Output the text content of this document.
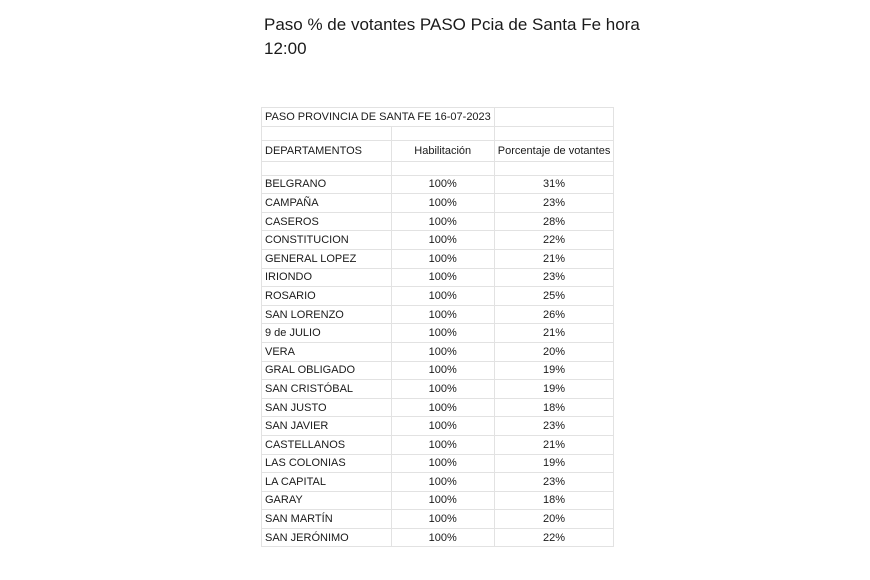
Paso % de votantes PASO Pcia de Santa Fe hora 12:00
PASO PROVINCIA DE SANTA FE 16-07-2023		

DEPARTAMENTOS	Habilitación	Porcentaje de votantes

BELGRANO	100%	31%
CAMPAÑA	100%	23%
CASEROS	100%	28%
CONSTITUCION	100%	22%
GENERAL LOPEZ	100%	21%
IRIONDO	100%	23%
ROSARIO	100%	25%
SAN LORENZO	100%	26%
9 de JULIO	100%	21%
VERA	100%	20%
GRAL OBLIGADO	100%	19%
SAN CRISTÓBAL	100%	19%
SAN JUSTO	100%	18%
SAN JAVIER	100%	23%
CASTELLANOS	100%	21%
LAS COLONIAS	100%	19%
LA CAPITAL	100%	23%
GARAY	100%	18%
SAN MARTÍN	100%	20%
SAN JERÓNIMO	100%	22%
